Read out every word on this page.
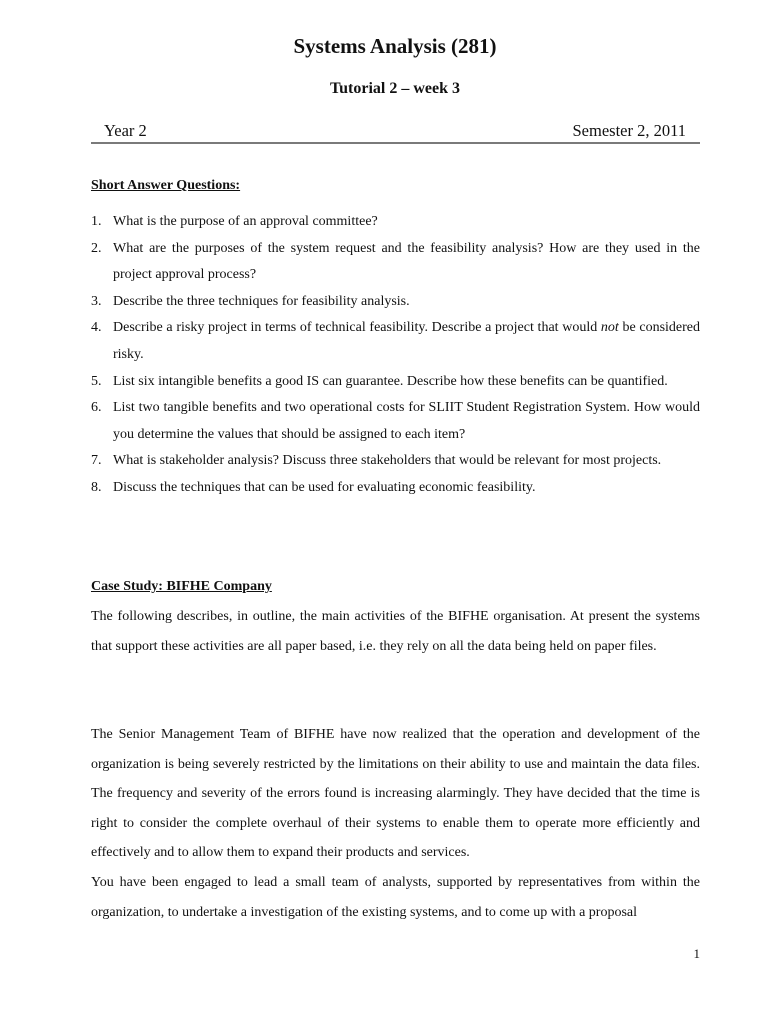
Systems Analysis (281)
Tutorial 2 – week 3
Year 2	Semester 2, 2011
Short Answer Questions:
1. What is the purpose of an approval committee?
2. What are the purposes of the system request and the feasibility analysis? How are they used in the project approval process?
3. Describe the three techniques for feasibility analysis.
4. Describe a risky project in terms of technical feasibility. Describe a project that would not be considered risky.
5. List six intangible benefits a good IS can guarantee. Describe how these benefits can be quantified.
6. List two tangible benefits and two operational costs for SLIIT Student Registration System. How would you determine the values that should be assigned to each item?
7. What is stakeholder analysis? Discuss three stakeholders that would be relevant for most projects.
8. Discuss the techniques that can be used for evaluating economic feasibility.
Case Study: BIFHE Company

The following describes, in outline, the main activities of the BIFHE organisation. At present the systems that support these activities are all paper based, i.e. they rely on all the data being held on paper files.

The Senior Management Team of BIFHE have now realized that the operation and development of the organization is being severely restricted by the limitations on their ability to use and maintain the data files. The frequency and severity of the errors found is increasing alarmingly. They have decided that the time is right to consider the complete overhaul of their systems to enable them to operate more efficiently and effectively and to allow them to expand their products and services.

You have been engaged to lead a small team of analysts, supported by representatives from within the organization, to undertake a investigation of the existing systems, and to come up with a proposal

1
